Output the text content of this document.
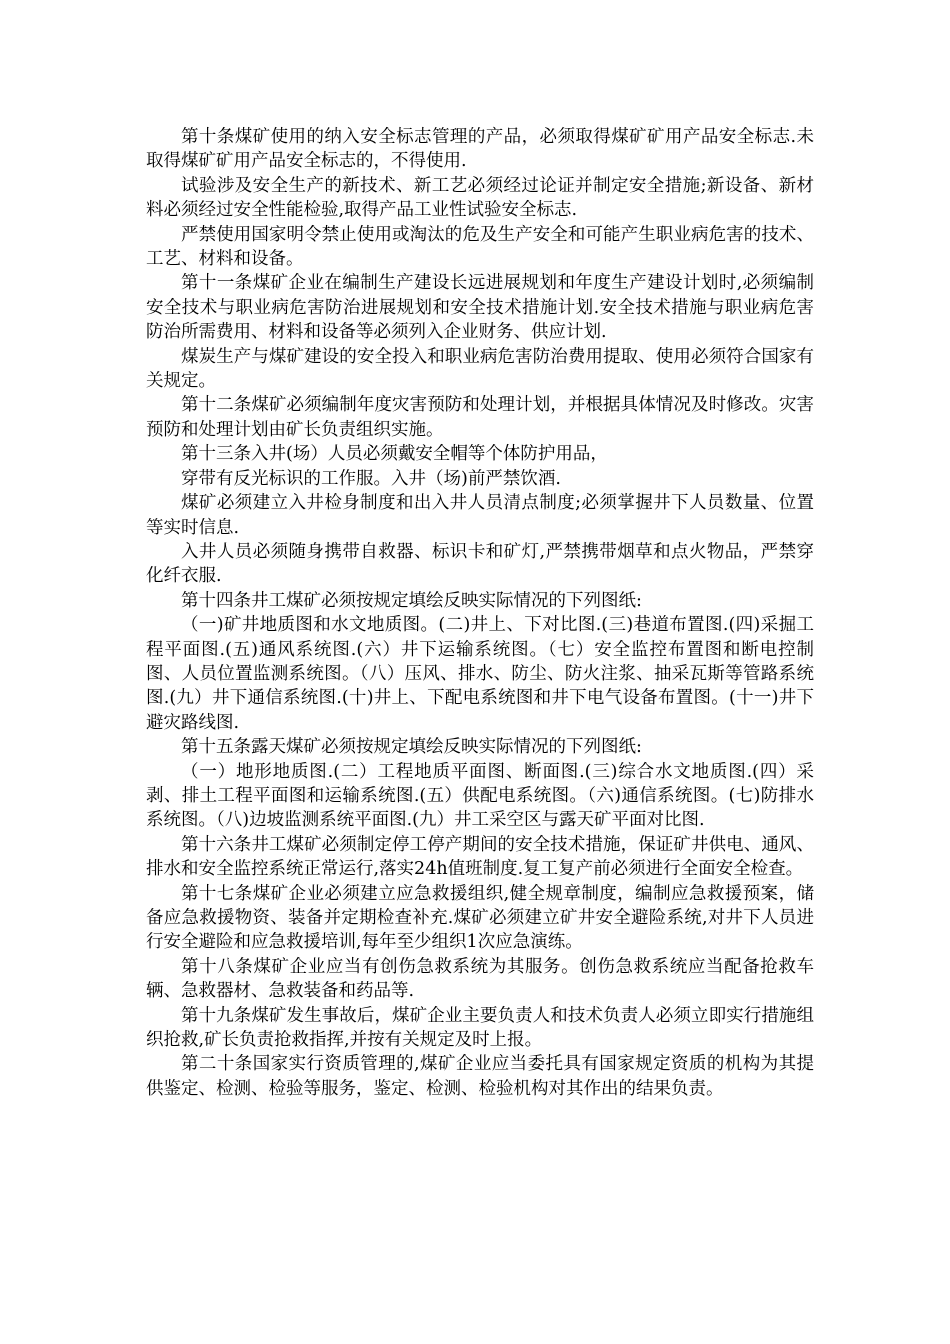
第十条煤矿使用的纳入安全标志管理的产品，必须取得煤矿矿用产品安全标志.未取得煤矿矿用产品安全标志的，不得使用.

试验涉及安全生产的新技术、新工艺必须经过论证并制定安全措施;新设备、新材料必须经过安全性能检验,取得产品工业性试验安全标志.

严禁使用国家明令禁止使用或淘汰的危及生产安全和可能产生职业病危害的技术、工艺、材料和设备。

第十一条煤矿企业在编制生产建设长远进展规划和年度生产建设计划时,必须编制安全技术与职业病危害防治进展规划和安全技术措施计划.安全技术措施与职业病危害防治所需费用、材料和设备等必须列入企业财务、供应计划.

煤炭生产与煤矿建设的安全投入和职业病危害防治费用提取、使用必须符合国家有关规定。

第十二条煤矿必须编制年度灾害预防和处理计划，并根据具体情况及时修改。灾害预防和处理计划由矿长负责组织实施。

第十三条入井(场）人员必须戴安全帽等个体防护用品，

穿带有反光标识的工作服。入井（场)前严禁饮酒.

煤矿必须建立入井检身制度和出入井人员清点制度;必须掌握井下人员数量、位置等实时信息.

入井人员必须随身携带自救器、标识卡和矿灯,严禁携带烟草和点火物品，严禁穿化纤衣服.

第十四条井工煤矿必须按规定填绘反映实际情况的下列图纸:

（一)矿井地质图和水文地质图。(二)井上、下对比图.(三)巷道布置图.(四)采掘工程平面图.(五)通风系统图.(六）井下运输系统图。（七）安全监控布置图和断电控制图、人员位置监测系统图。（八）压风、排水、防尘、防火注浆、抽采瓦斯等管路系统图.(九）井下通信系统图.(十)井上、下配电系统图和井下电气设备布置图。(十一)井下避灾路线图.

第十五条露天煤矿必须按规定填绘反映实际情况的下列图纸:

（一）地形地质图.(二）工程地质平面图、断面图.(三)综合水文地质图.(四）采剥、排土工程平面图和运输系统图.(五）供配电系统图。（六)通信系统图。(七)防排水系统图。（八)边坡监测系统平面图.(九）井工采空区与露天矿平面对比图.

第十六条井工煤矿必须制定停工停产期间的安全技术措施，保证矿井供电、通风、排水和安全监控系统正常运行,落实24h值班制度.复工复产前必须进行全面安全检查。

第十七条煤矿企业必须建立应急救援组织,健全规章制度，编制应急救援预案，储备应急救援物资、装备并定期检查补充.煤矿必须建立矿井安全避险系统,对井下人员进行安全避险和应急救援培训,每年至少组织1次应急演练。

第十八条煤矿企业应当有创伤急救系统为其服务。创伤急救系统应当配备抢救车辆、急救器材、急救装备和药品等.

第十九条煤矿发生事故后，煤矿企业主要负责人和技术负责人必须立即实行措施组织抢救,矿长负责抢救指挥,并按有关规定及时上报。

第二十条国家实行资质管理的,煤矿企业应当委托具有国家规定资质的机构为其提供鉴定、检测、检验等服务，鉴定、检测、检验机构对其作出的结果负责。
